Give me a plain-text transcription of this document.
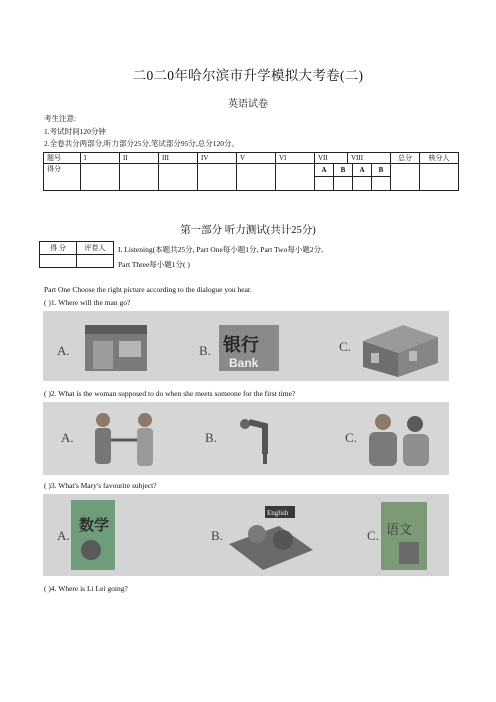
二0二0年哈尔滨市升学模拟大考卷(二)
英语试卷
考生注意:
1.考试时间120分钟
2.全卷共分两部分,听力部分25分,笔试部分95分,总分120分。
题号	I	II	III	IV	V	VI	VII	VIII	总分	核分人
得分							A B A B			

第一部分 听力测试(共计25分)
得 分	评卷人
	I. Listening(本题共25分, Part One每小题1分, Part Two每小题2分,
Part Three每小题1分( )
Part One Choose the right picture according to the dialogue you hear.
( )1. Where will the man go?
A.	B. 银行
Bank
C.
( )2. What is the woman supposed to do when she meets someone for the first time?
A.	B.	C.
( )3. What's Mary's favourite subject?
A.
数学
B.
English
C. 语文
( )4. Where is Li Lei going?
